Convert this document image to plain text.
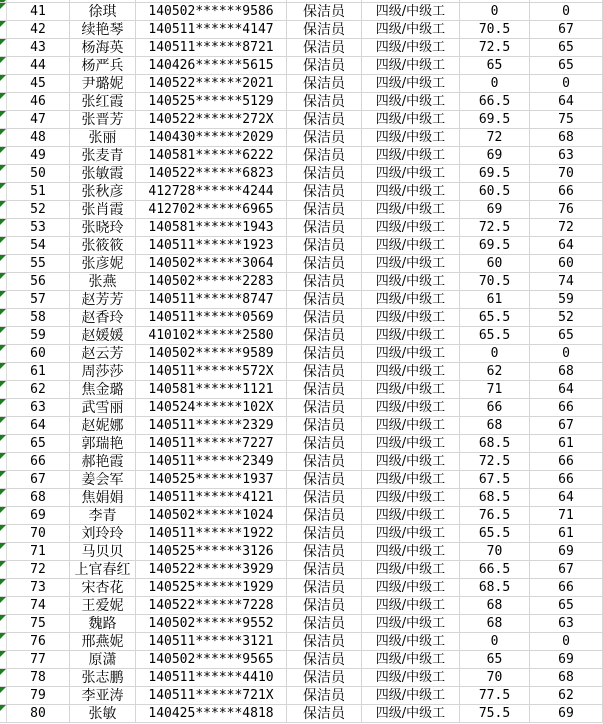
41	徐琪	140502******9586	保洁员	四级/中级工	0	0
42	续艳琴	140511******4147	保洁员	四级/中级工	70.5	67
43	杨海英	140511******8721	保洁员	四级/中级工	72.5	65
44	杨严兵	140426******5615	保洁员	四级/中级工	65	65
45	尹璐妮	140522******2021	保洁员	四级/中级工	0	0
46	张红霞	140525******5129	保洁员	四级/中级工	66.5	64
47	张晋芳	140522******272X	保洁员	四级/中级工	69.5	75
48	张丽	140430******2029	保洁员	四级/中级工	72	68
49	张麦青	140581******6222	保洁员	四级/中级工	69	63
50	张敏霞	140522******6823	保洁员	四级/中级工	69.5	70
51	张秋彦	412728******4244	保洁员	四级/中级工	60.5	66
52	张肖霞	412702******6965	保洁员	四级/中级工	69	76
53	张晓玲	140581******1943	保洁员	四级/中级工	72.5	72
54	张筱筱	140511******1923	保洁员	四级/中级工	69.5	64
55	张彦妮	140502******3064	保洁员	四级/中级工	60	60
56	张燕	140502******2283	保洁员	四级/中级工	70.5	74
57	赵芳芳	140511******8747	保洁员	四级/中级工	61	59
58	赵香玲	140511******0569	保洁员	四级/中级工	65.5	52
59	赵媛媛	410102******2580	保洁员	四级/中级工	65.5	65
60	赵云芳	140502******9589	保洁员	四级/中级工	0	0
61	周莎莎	140511******572X	保洁员	四级/中级工	62	68
62	焦金璐	140581******1121	保洁员	四级/中级工	71	64
63	武雪丽	140524******102X	保洁员	四级/中级工	66	66
64	赵妮娜	140511******2329	保洁员	四级/中级工	68	67
65	郭瑞艳	140511******7227	保洁员	四级/中级工	68.5	61
66	郝艳霞	140511******2349	保洁员	四级/中级工	72.5	66
67	姜会军	140525******1937	保洁员	四级/中级工	67.5	66
68	焦娟娟	140511******4121	保洁员	四级/中级工	68.5	64
69	李青	140502******1024	保洁员	四级/中级工	76.5	71
70	刘玲玲	140511******1922	保洁员	四级/中级工	65.5	61
71	马贝贝	140525******3126	保洁员	四级/中级工	70	69
72	上官春红	140522******3929	保洁员	四级/中级工	66.5	67
73	宋杏花	140525******1929	保洁员	四级/中级工	68.5	66
74	王爱妮	140522******7228	保洁员	四级/中级工	68	65
75	魏路	140502******9552	保洁员	四级/中级工	68	63
76	邢燕妮	140511******3121	保洁员	四级/中级工	0	0
77	原潇	140502******9565	保洁员	四级/中级工	65	69
78	张志鹏	140511******4410	保洁员	四级/中级工	70	68
79	李亚涛	140511******721X	保洁员	四级/中级工	77.5	62
80	张敏	140425******4818	保洁员	四级/中级工	75.5	69
